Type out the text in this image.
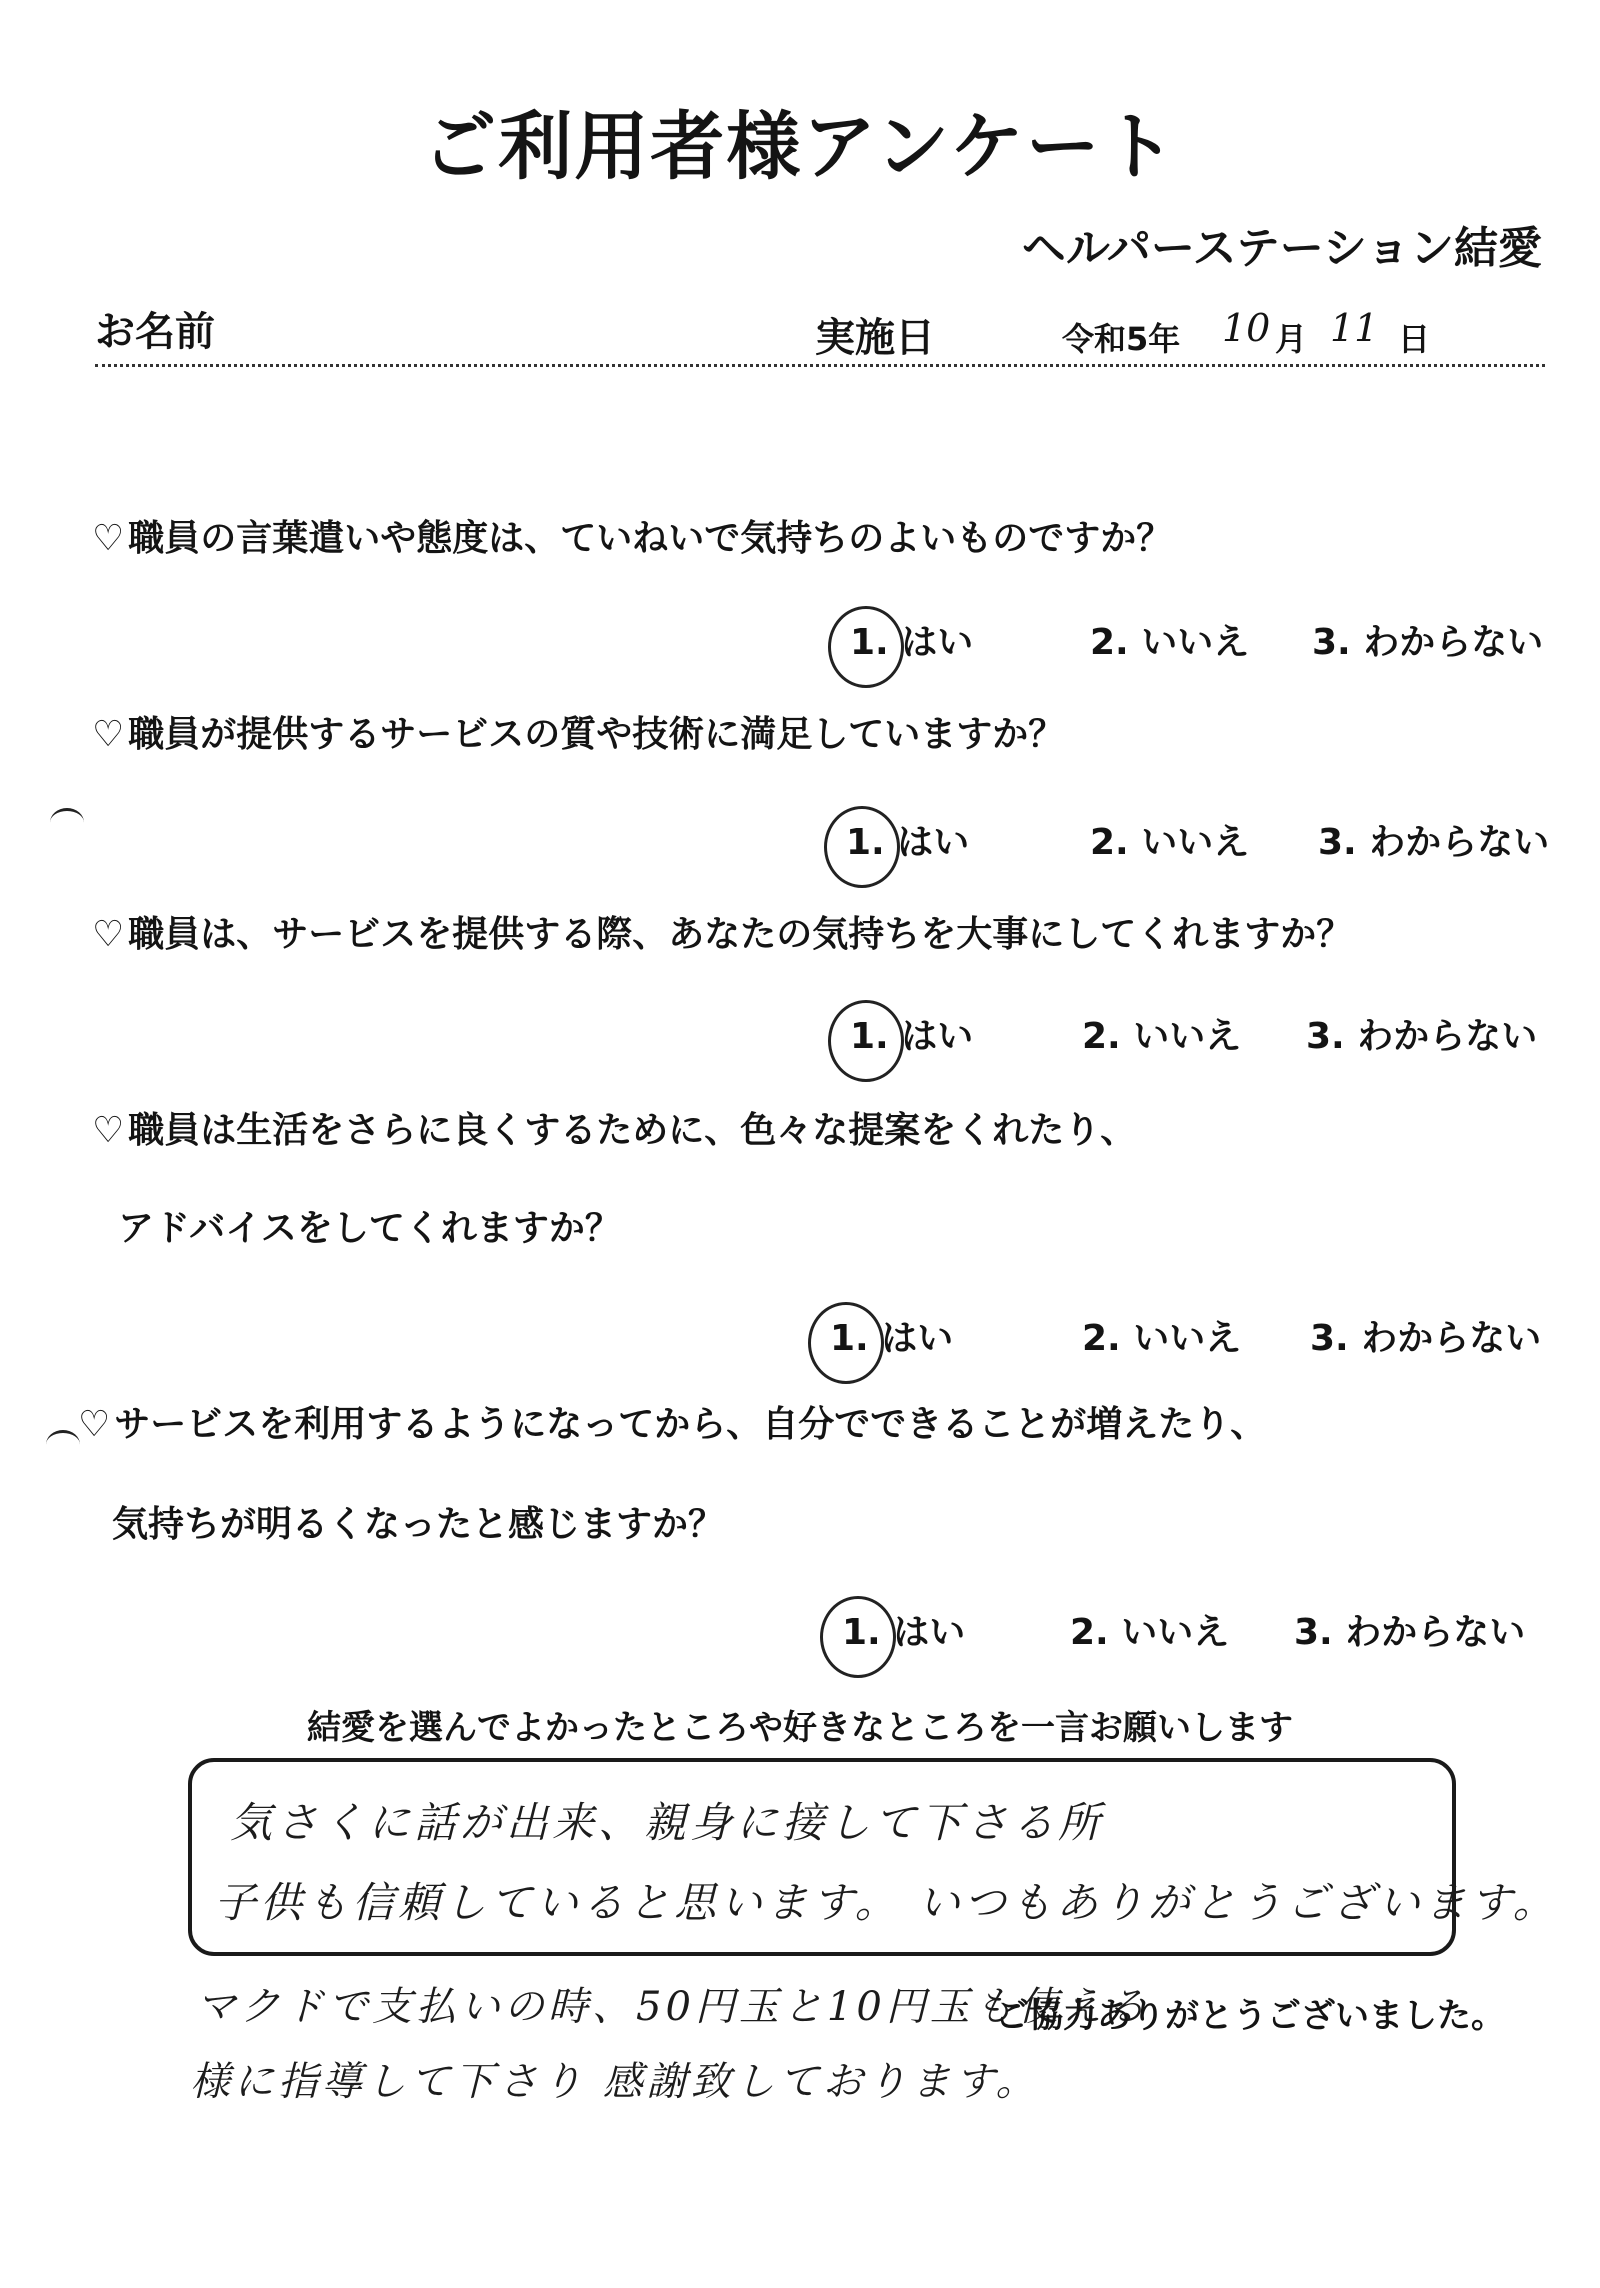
ご利用者様アンケート
ヘルパーステーション結愛
お名前	実施日	令和5年 10 月 11 日
♡ 職員の言葉遣いや態度は、ていねいで気持ちのよいものですか？
1. はい	2. いいえ 3. わからない
♡ 職員が提供するサービスの質や技術に満足していますか？
1. はい	2. いいえ 3. わからない
♡ 職員は、サービスを提供する際、あなたの気持ちを大事にしてくれますか？
1. はい	2. いいえ 3. わからない
♡ 職員は生活をさらに良くするために、色々な提案をくれたり、
アドバイスをしてくれますか？
1. はい	2. いいえ 3. わからない
♡ サービスを利用するようになってから、自分でできることが増えたり、
気持ちが明るくなったと感じますか？
1. はい	2. いいえ 3. わからない
結愛を選んでよかったところや好きなところを一言お願いします
気さくに話が出来、親身に接して下さる所
子供も信頼していると思います。 いつもありがとうございます。
マクドで支払いの時、50円玉と10円玉も使える
様に指導して下さり 感謝致しております。
ご協力ありがとうございました。
